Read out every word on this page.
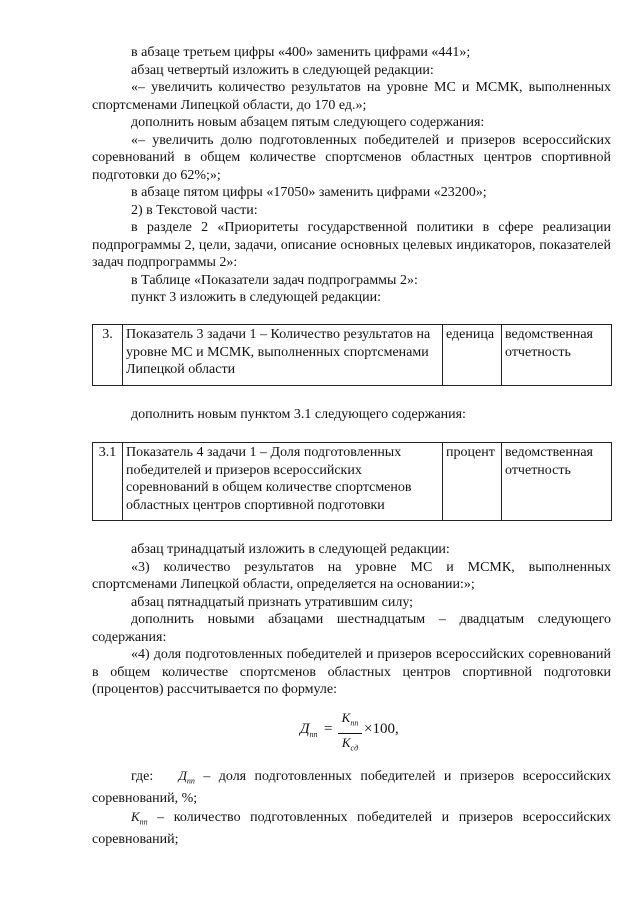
в абзаце третьем цифры «400» заменить цифрами «441»;

абзац четвертый изложить в следующей редакции:

«– увеличить количество результатов на уровне МС и МСМК, выполненных спортсменами Липецкой области, до 170 ед.»;

дополнить новым абзацем пятым следующего содержания:

«– увеличить долю подготовленных победителей и призеров всероссийских соревнований в общем количестве спортсменов областных центров спортивной подготовки до 62%;»;

в абзаце пятом цифры «17050» заменить цифрами «23200»;

2) в Текстовой части:

в разделе 2 «Приоритеты государственной политики в сфере реализации подпрограммы 2, цели, задачи, описание основных целевых индикаторов, показателей задач подпрограммы 2»:

в Таблице «Показатели задач подпрограммы 2»:

пункт 3 изложить в следующей редакции:

3.	Показатель 3 задачи 1 – Количество результатов на уровне МС и МСМК, выполненных спортсменами Липецкой области	еденица	ведомственная отчетность

дополнить новым пунктом 3.1 следующего содержания:

3.1	Показатель 4 задачи 1 – Доля подготовленных победителей и призеров всероссийских соревнований в общем количестве спортсменов областных центров спортивной подготовки	процент	ведомственная отчетность

абзац тринадцатый изложить в следующей редакции:

«3) количество результатов на уровне МС и МСМК, выполненных спортсменами Липецкой области, определяется на основании:»;

абзац пятнадцатый признать утратившим силу;

дополнить новыми абзацами шестнадцатым – двадцатым следующего содержания:

«4) доля подготовленных победителей и призеров всероссийских соревнований в общем количестве спортсменов областных центров спортивной подготовки (процентов) рассчитывается по формуле:

$Д_{пп}$ =
$К_{пп}$
$К_{сд}$
×100,

где: $Д_{пп}$ – доля подготовленных победителей и призеров всероссийских соревнований, %;

$К_{пп}$ – количество подготовленных победителей и призеров всероссийских соревнований;
